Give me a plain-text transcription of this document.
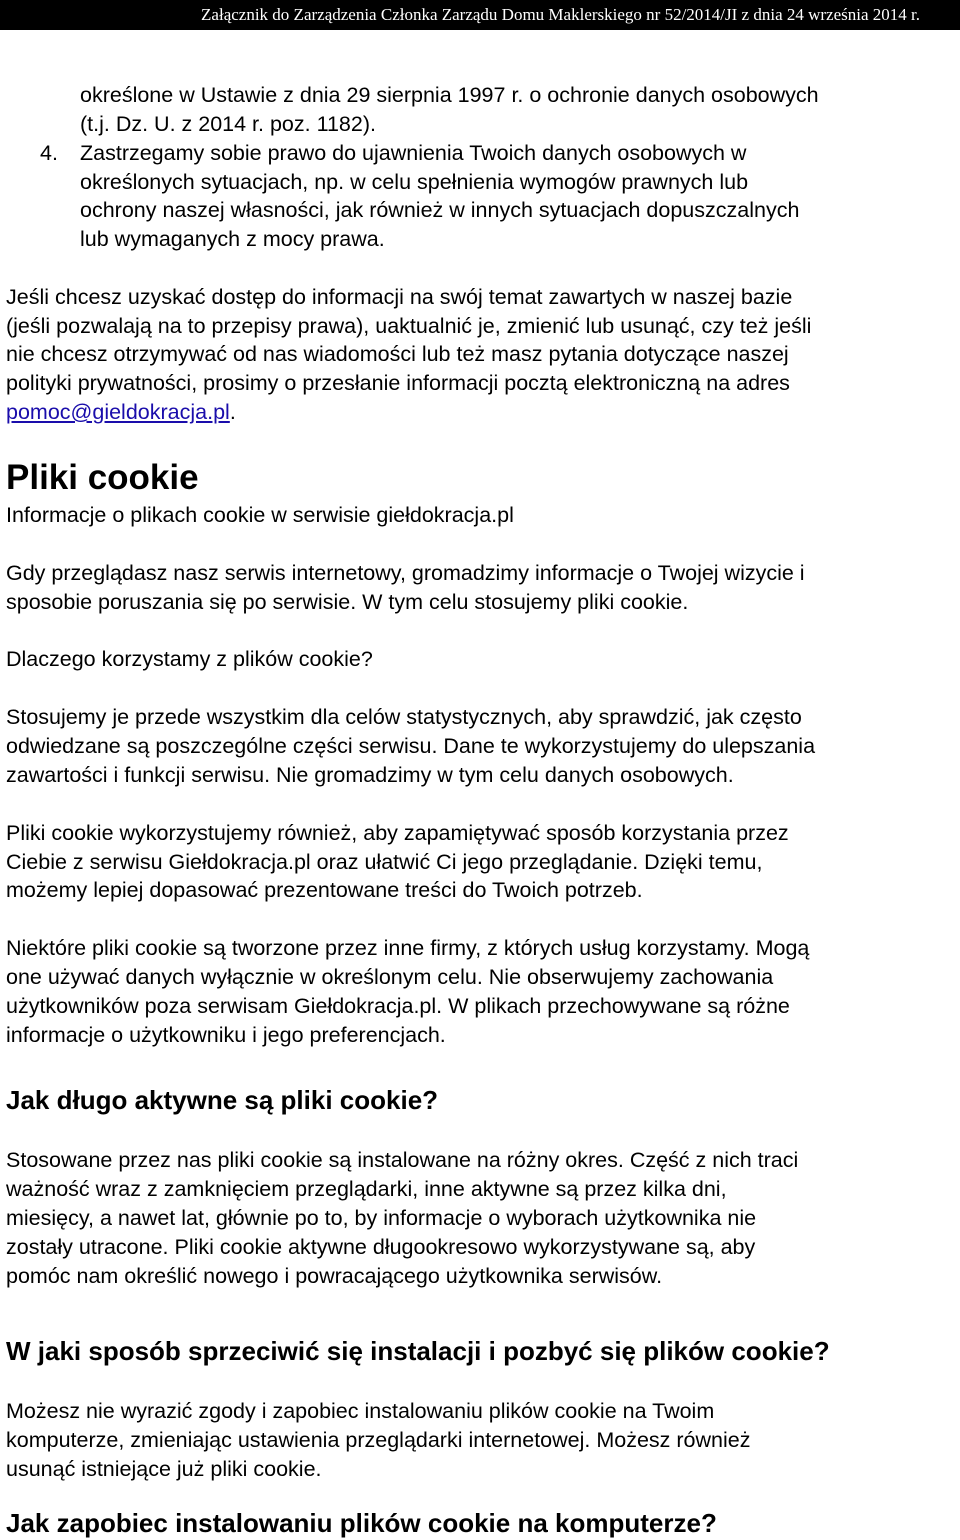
Załącznik do Zarządzenia Członka Zarządu Domu Maklerskiego nr 52/2014/JI z dnia 24 września 2014 r.
określone w Ustawie z dnia 29 sierpnia 1997 r. o ochronie danych osobowych
(t.j. Dz. U. z 2014 r. poz. 1182).
4. Zastrzegamy sobie prawo do ujawnienia Twoich danych osobowych w
określonych sytuacjach, np. w celu spełnienia wymogów prawnych lub
ochrony naszej własności, jak również w innych sytuacjach dopuszczalnych
lub wymaganych z mocy prawa.
Jeśli chcesz uzyskać dostęp do informacji na swój temat zawartych w naszej bazie
(jeśli pozwalają na to przepisy prawa), uaktualnić je, zmienić lub usunąć, czy też jeśli
nie chcesz otrzymywać od nas wiadomości lub też masz pytania dotyczące naszej
polityki prywatności, prosimy o przesłanie informacji pocztą elektroniczną na adres
pomoc@gieldokracja.pl.
Pliki cookie
Informacje o plikach cookie w serwisie giełdokracja.pl
Gdy przeglądasz nasz serwis internetowy, gromadzimy informacje o Twojej wizycie i
sposobie poruszania się po serwisie. W tym celu stosujemy pliki cookie.
Dlaczego korzystamy z plików cookie?
Stosujemy je przede wszystkim dla celów statystycznych, aby sprawdzić, jak często
odwiedzane są poszczególne części serwisu. Dane te wykorzystujemy do ulepszania
zawartości i funkcji serwisu. Nie gromadzimy w tym celu danych osobowych.
Pliki cookie wykorzystujemy również, aby zapamiętywać sposób korzystania przez
Ciebie z serwisu Giełdokracja.pl oraz ułatwić Ci jego przeglądanie. Dzięki temu,
możemy lepiej dopasować prezentowane treści do Twoich potrzeb.
Niektóre pliki cookie są tworzone przez inne firmy, z których usług korzystamy. Mogą
one używać danych wyłącznie w określonym celu. Nie obserwujemy zachowania
użytkowników poza serwisam Giełdokracja.pl. W plikach przechowywane są różne
informacje o użytkowniku i jego preferencjach.
Jak długo aktywne są pliki cookie?
Stosowane przez nas pliki cookie są instalowane na różny okres. Część z nich traci
ważność wraz z zamknięciem przeglądarki, inne aktywne są przez kilka dni,
miesięcy, a nawet lat, głównie po to, by informacje o wyborach użytkownika nie
zostały utracone. Pliki cookie aktywne długookresowo wykorzystywane są, aby
pomóc nam określić nowego i powracającego użytkownika serwisów.
W jaki sposób sprzeciwić się instalacji i pozbyć się plików cookie?
Możesz nie wyrazić zgody i zapobiec instalowaniu plików cookie na Twoim
komputerze, zmieniając ustawienia przeglądarki internetowej. Możesz również
usunąć istniejące już pliki cookie.
Jak zapobiec instalowaniu plików cookie na komputerze?
